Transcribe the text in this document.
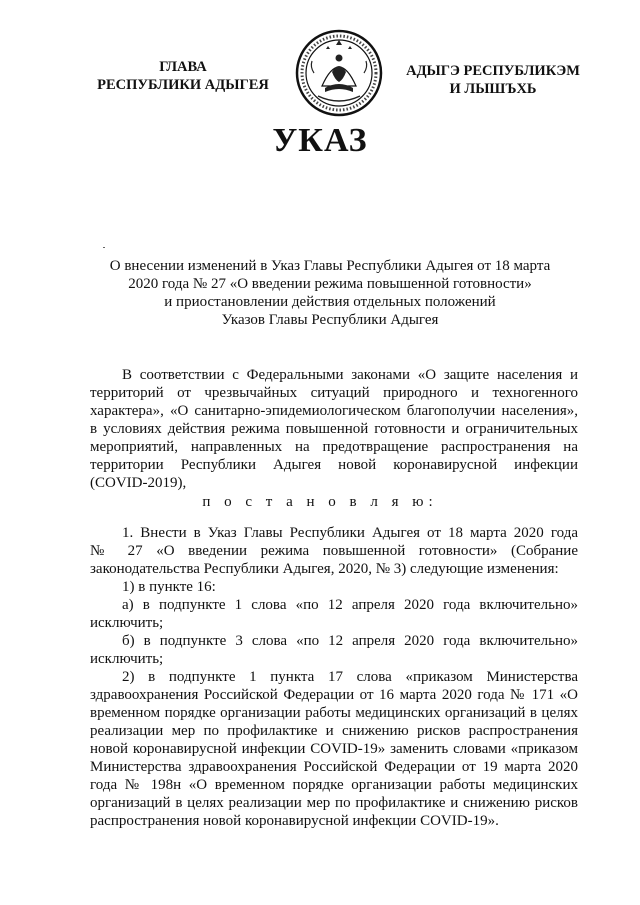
ГЛАВА
РЕСПУБЛИКИ АДЫГЕЯ
АДЫГЭ РЕСПУБЛИКЭМ
И ЛЫШЪХЬ
УКАЗ
О внесении изменений в Указ Главы Республики Адыгея от 18 марта
2020 года № 27 «О введении режима повышенной готовности»
и приостановлении действия отдельных положений
Указов Главы Республики Адыгея
В соответствии с Федеральными законами «О защите населения и
территорий от чрезвычайных ситуаций природного и техногенного
характера», «О санитарно-эпидемиологическом благополучии населения»,
в условиях действия режима повышенной готовности и ограничительных
мероприятий, направленных на предотвращение распространения на
территории Республики Адыгея новой коронавирусной инфекции
(COVID-2019),
п о с т а н о в л я ю:
1. Внести в Указ Главы Республики Адыгея от 18 марта 2020 года
№ 27 «О введении режима повышенной готовности» (Собрание
законодательства Республики Адыгея, 2020, № 3) следующие изменения:
1) в пункте 16:
а) в подпункте 1 слова «по 12 апреля 2020 года включительно»
исключить;
б) в подпункте 3 слова «по 12 апреля 2020 года включительно»
исключить;
2) в подпункте 1 пункта 17 слова «приказом Министерства
здравоохранения Российской Федерации от 16 марта 2020 года № 171 «О
временном порядке организации работы медицинских организаций в целях
реализации мер по профилактике и снижению рисков распространения
новой коронавирусной инфекции COVID-19» заменить словами «приказом
Министерства здравоохранения Российской Федерации от 19 марта 2020
года № 198н «О временном порядке организации работы медицинских
организаций в целях реализации мер по профилактике и снижению рисков
распространения новой коронавирусной инфекции COVID-19».
